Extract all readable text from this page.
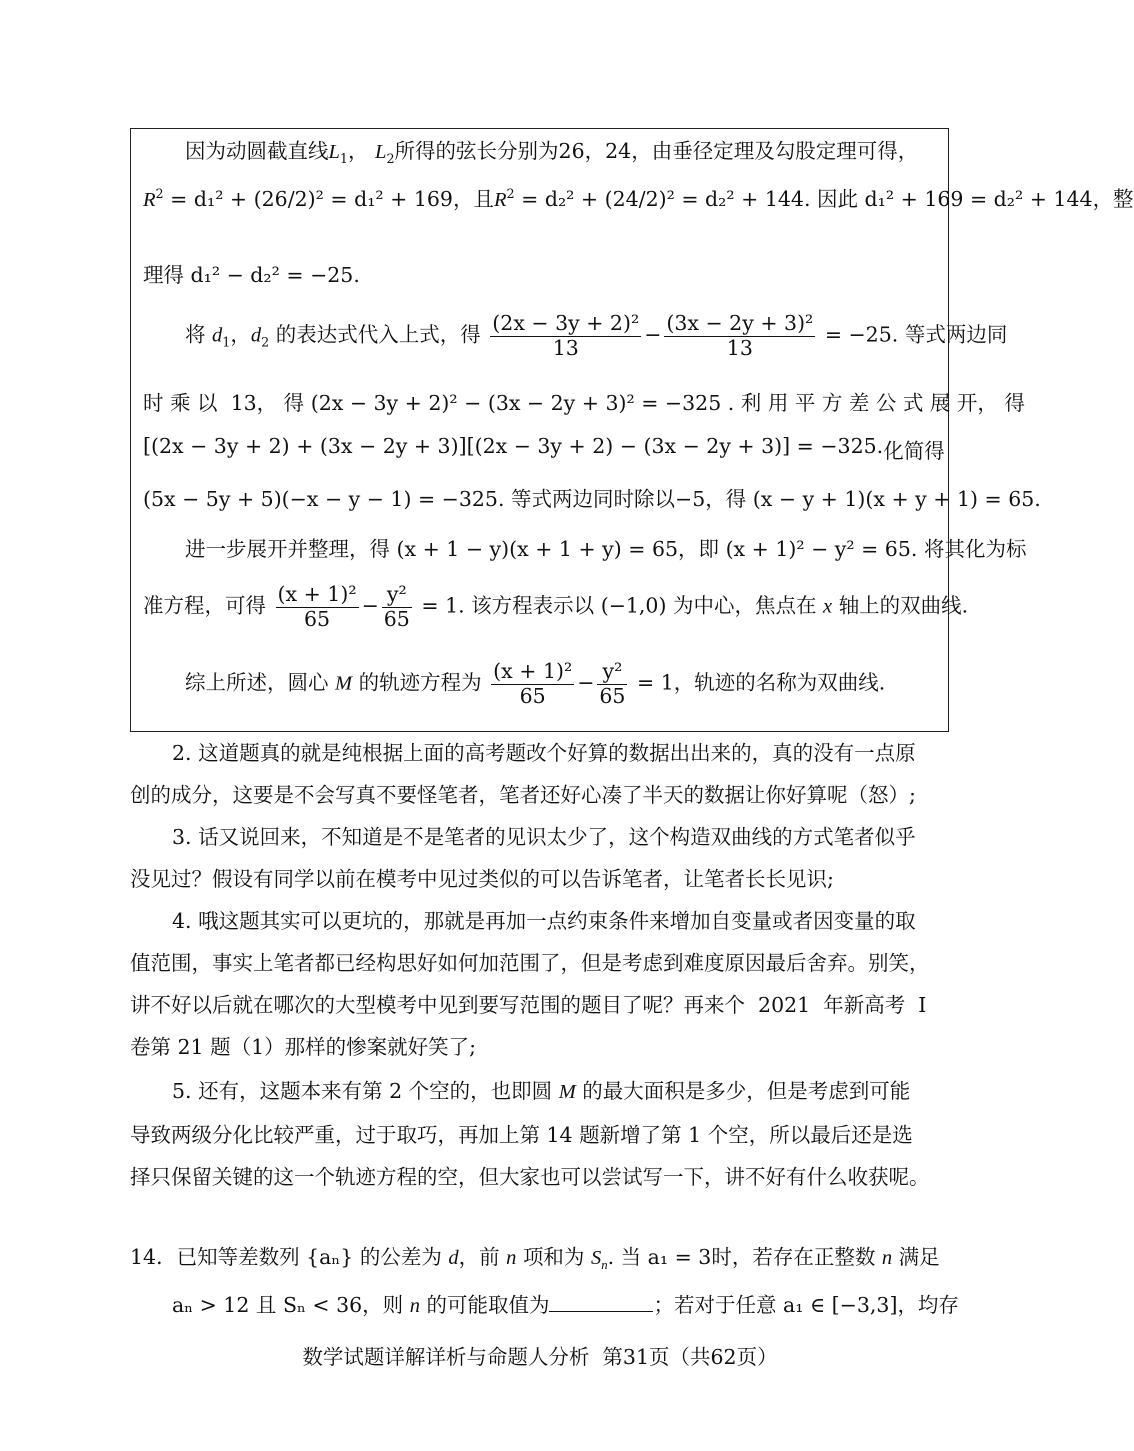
因为动圆截直线$L_1$， $L_2$所得的弦长分别为26，24，由垂径定理及勾股定理可得，
$R^2 = d_1^2 + (26/2)^2 = d_1^2 + 169$，且$R^2 = d_2^2 + (24/2)^2 = d_2^2 + 144$. 因此 d₁² + 169 = d₂² + 144，整
理得 d₁² − d₂² = −25.
将 $d_1$，$d_2$ 的表达式代入上式，得 $\frac{\text{(2x − 3y + 2)²}}{13} - \frac{\text{(3x − 2y + 3)²}}{13} = -25$. 等式两边同
时 乘 以  13， 得 (2x − 3y + 2)² − (3x − 2y + 3)² = −325 . 利 用 平 方 差 公 式 展 开， 得
[(2x − 3y + 2) + (3x − 2y + 3)][(2x − 3y + 2) − (3x − 2y + 3)] = −325 . 化 简 得
(5x − 5y + 5)(−x − y − 1) = −325. 等式两边同时除以−5，得 (x − y + 1)(x + y + 1) = 65.
进一步展开并整理，得 (x + 1 − y)(x + 1 + y) = 65，即 (x + 1)² − y² = 65. 将其化为标
准方程，可得 $\frac{\text{(x + 1)²}}{65} - \frac{\text{y²}}{65} = 1$. 该方程表示以 (−1,0) 为中心，焦点在 x 轴上的双曲线.
综上所述，圆心 M 的轨迹方程为 $\frac{\text{(x + 1)²}}{65} - \frac{\text{y²}}{65} = 1$，轨迹的名称为双曲线.
2. 这道题真的就是纯根据上面的高考题改个好算的数据出出来的，真的没有一点原
创的成分，这要是不会写真不要怪笔者，笔者还好心凑了半天的数据让你好算呢（怒）;
3. 话又说回来，不知道是不是笔者的见识太少了，这个构造双曲线的方式笔者似乎
没见过？假设有同学以前在模考中见过类似的可以告诉笔者，让笔者长长见识;
4. 哦这题其实可以更坑的，那就是再加一点约束条件来增加自变量或者因变量的取
值范围，事实上笔者都已经构思好如何加范围了，但是考虑到难度原因最后舍弃。别笑，
讲不好以后就在哪次的大型模考中见到要写范围的题目了呢？再来个  2021  年新高考  I
卷第 21 题（1）那样的惨案就好笑了;
5. 还有，这题本来有第 2 个空的，也即圆 M 的最大面积是多少，但是考虑到可能
导致两级分化比较严重，过于取巧，再加上第 14 题新增了第 1 个空，所以最后还是选
择只保留关键的这一个轨迹方程的空，但大家也可以尝试写一下，讲不好有什么收获呢。
14．已知等差数列 {aₙ} 的公差为 d，前 n 项和为 $S_n$. 当 a₁ = 3时，若存在正整数 n 满足
aₙ > 12 且 Sₙ < 36，则 n 的可能取值为	；若对于任意 a₁ ∈ [−3,3]，均存
数学试题详解详析与命题人分析  第31页（共62页）
